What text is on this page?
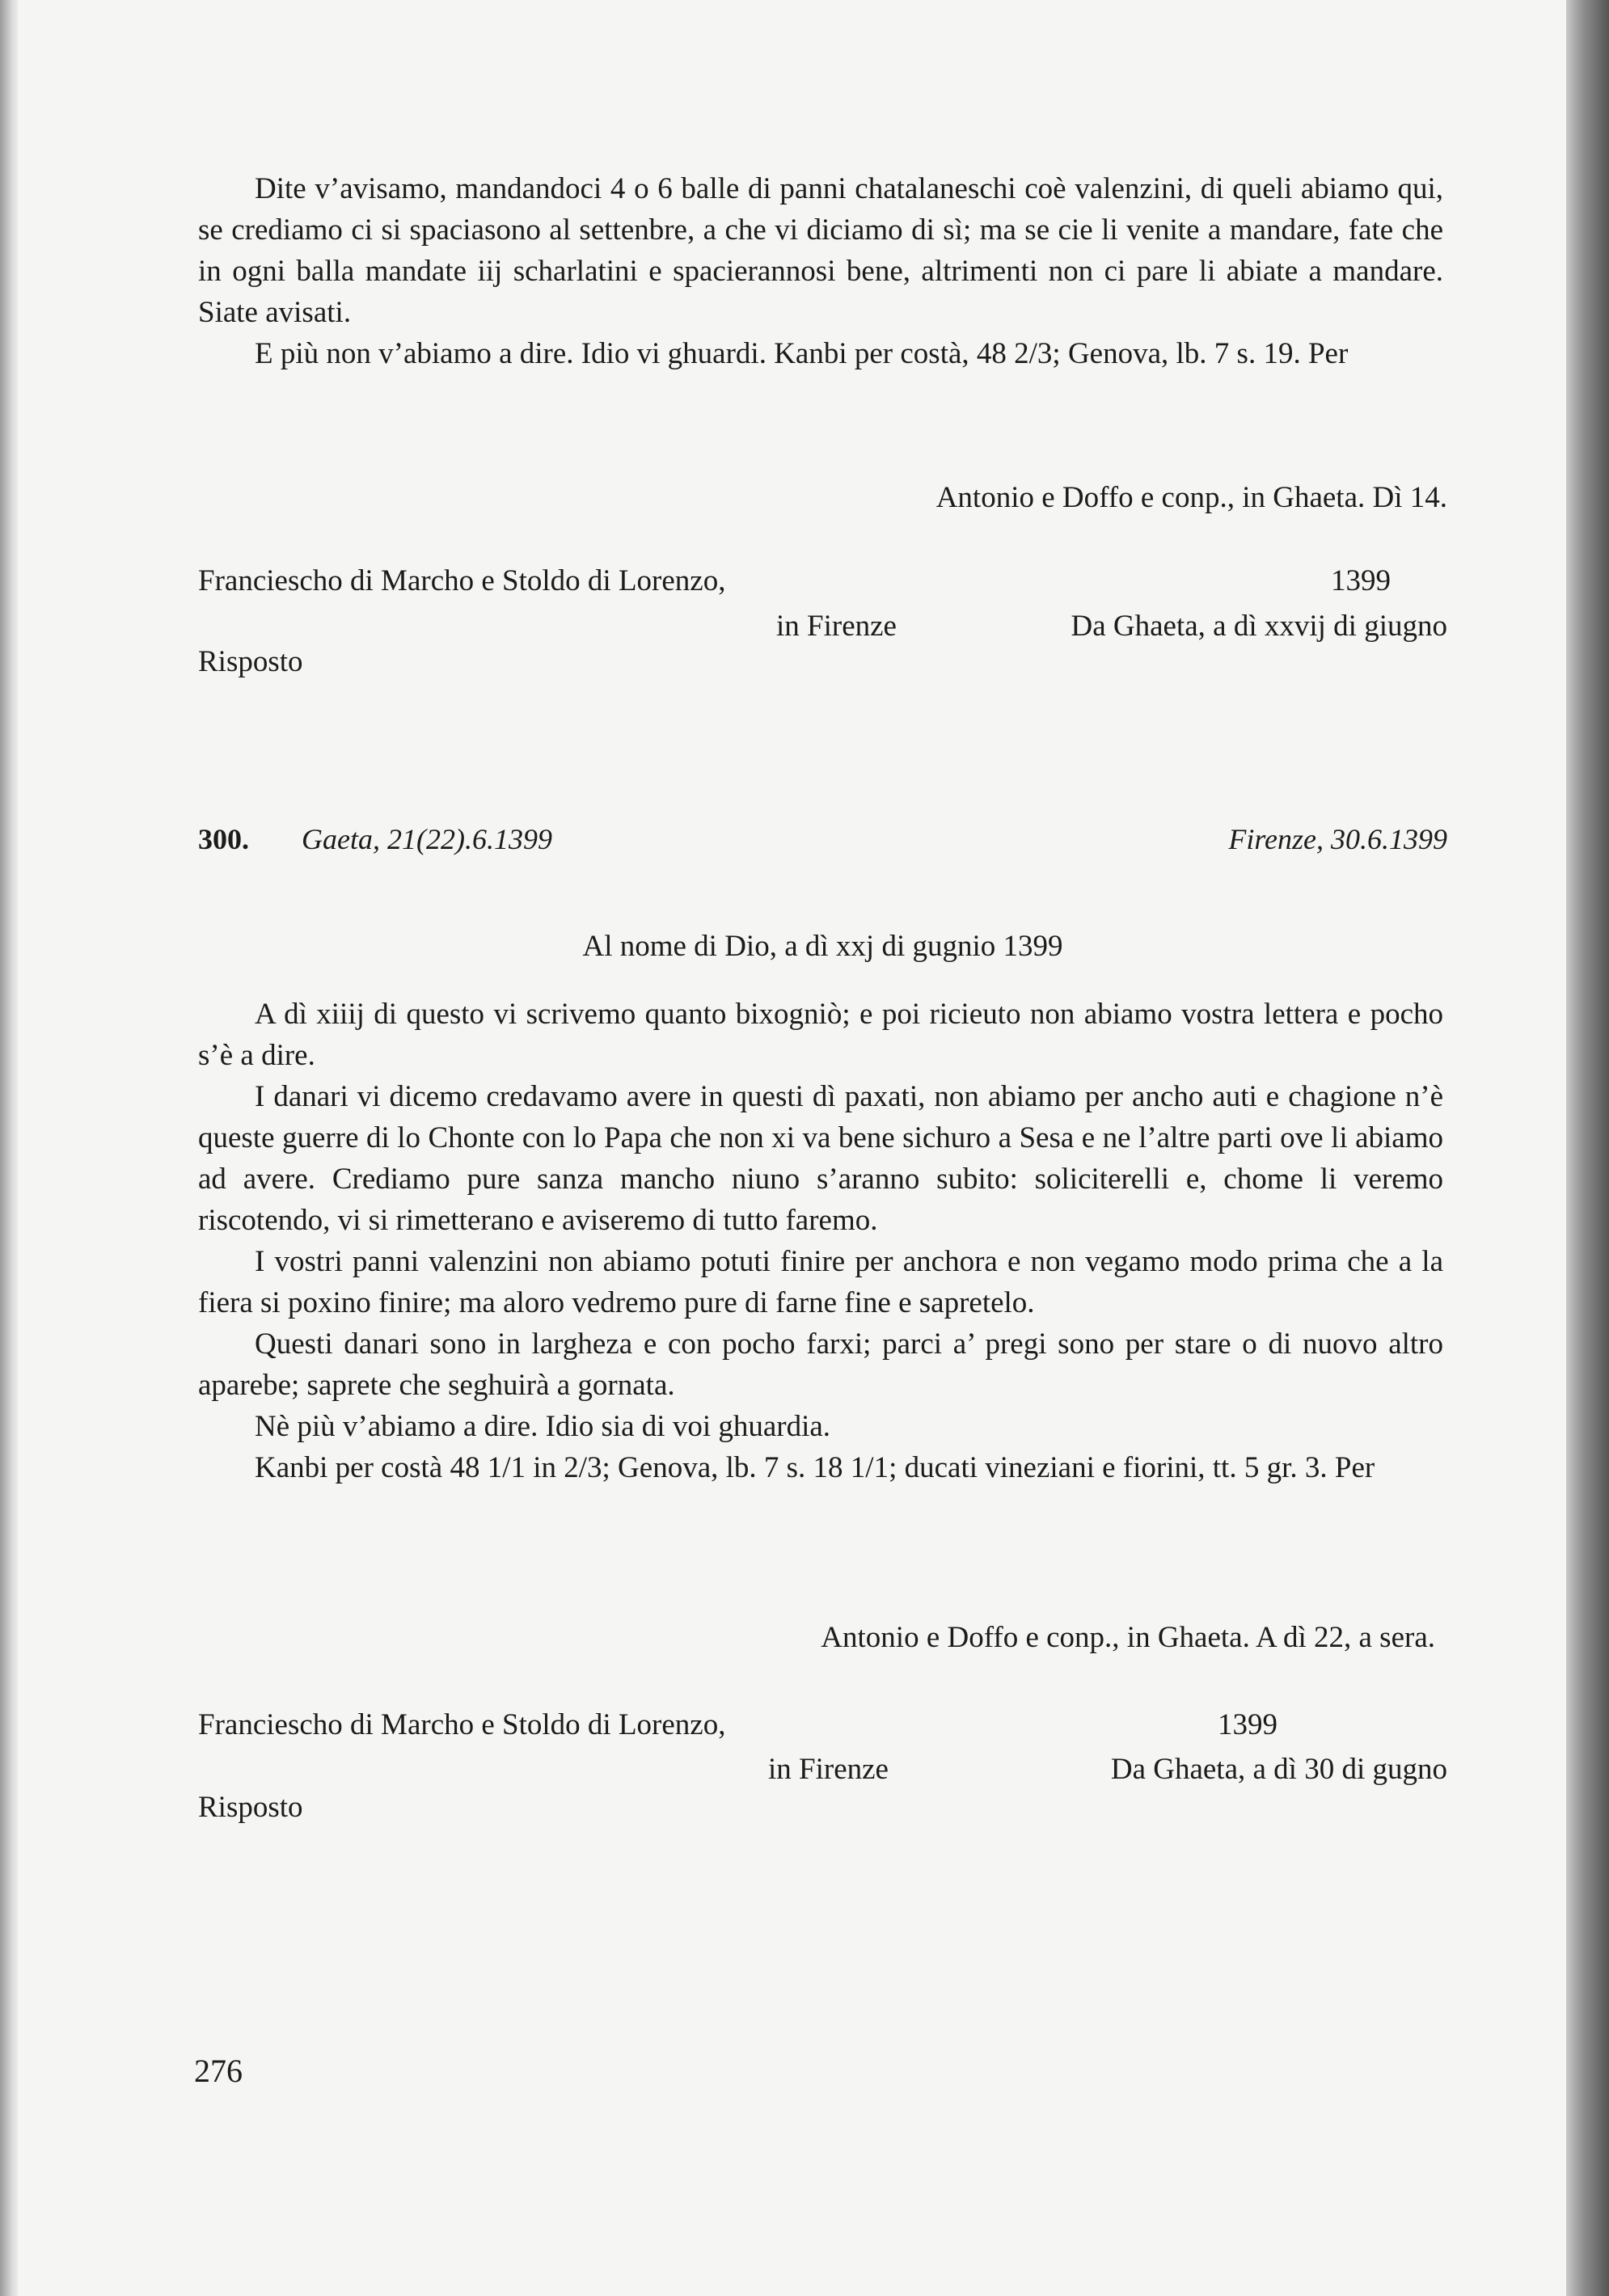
Dite v’avisamo, mandandoci 4 o 6 balle di panni chatalaneschi coè valenzini, di queli abiamo qui, se crediamo ci si spaciasono al settenbre, a che vi diciamo di sì; ma se cie li venite a mandare, fate che in ogni balla mandate iij scharlatini e spacierannosi bene, altrimenti non ci pare li abiate a mandare. Siate avisati.

E più non v’abiamo a dire. Idio vi ghuardi. Kanbi per costà, 48 2/3; Genova, lb. 7 s. 19. Per

Antonio e Doffo e conp., in Ghaeta. Dì 14.
Franciescho di Marcho e Stoldo di Lorenzo,	1399
in Firenze	Da Ghaeta, a dì xxvij di giugno
Risposto
300. Gaeta, 21(22).6.1399	Firenze, 30.6.1399
Al nome di Dio, a dì xxj di gugnio 1399

A dì xiiij di questo vi scrivemo quanto bixogniò; e poi ricieuto non abiamo vostra lettera e pocho s’è a dire.

I danari vi dicemo credavamo avere in questi dì paxati, non abiamo per ancho auti e chagione n’è queste guerre di lo Chonte con lo Papa che non xi va bene sichuro a Sesa e ne l’altre parti ove li abiamo ad avere. Crediamo pure sanza mancho niuno s’aranno subito: soliciterelli e, chome li veremo riscotendo, vi si rimetterano e aviseremo di tutto faremo.

I vostri panni valenzini non abiamo potuti finire per anchora e non vegamo modo prima che a la fiera si poxino finire; ma aloro vedremo pure di farne fine e sapretelo.

Questi danari sono in largheza e con pocho farxi; parci a’ pregi sono per stare o di nuovo altro aparebe; saprete che seghuirà a gornata.

Nè più v’abiamo a dire. Idio sia di voi ghuardia.

Kanbi per costà 48 1/1 in 2/3; Genova, lb. 7 s. 18 1/1; ducati vineziani e fiorini, tt. 5 gr. 3. Per

Antonio e Doffo e conp., in Ghaeta. A dì 22, a sera.
Franciescho di Marcho e Stoldo di Lorenzo,	1399
in Firenze	Da Ghaeta, a dì 30 di gugno
Risposto
276
